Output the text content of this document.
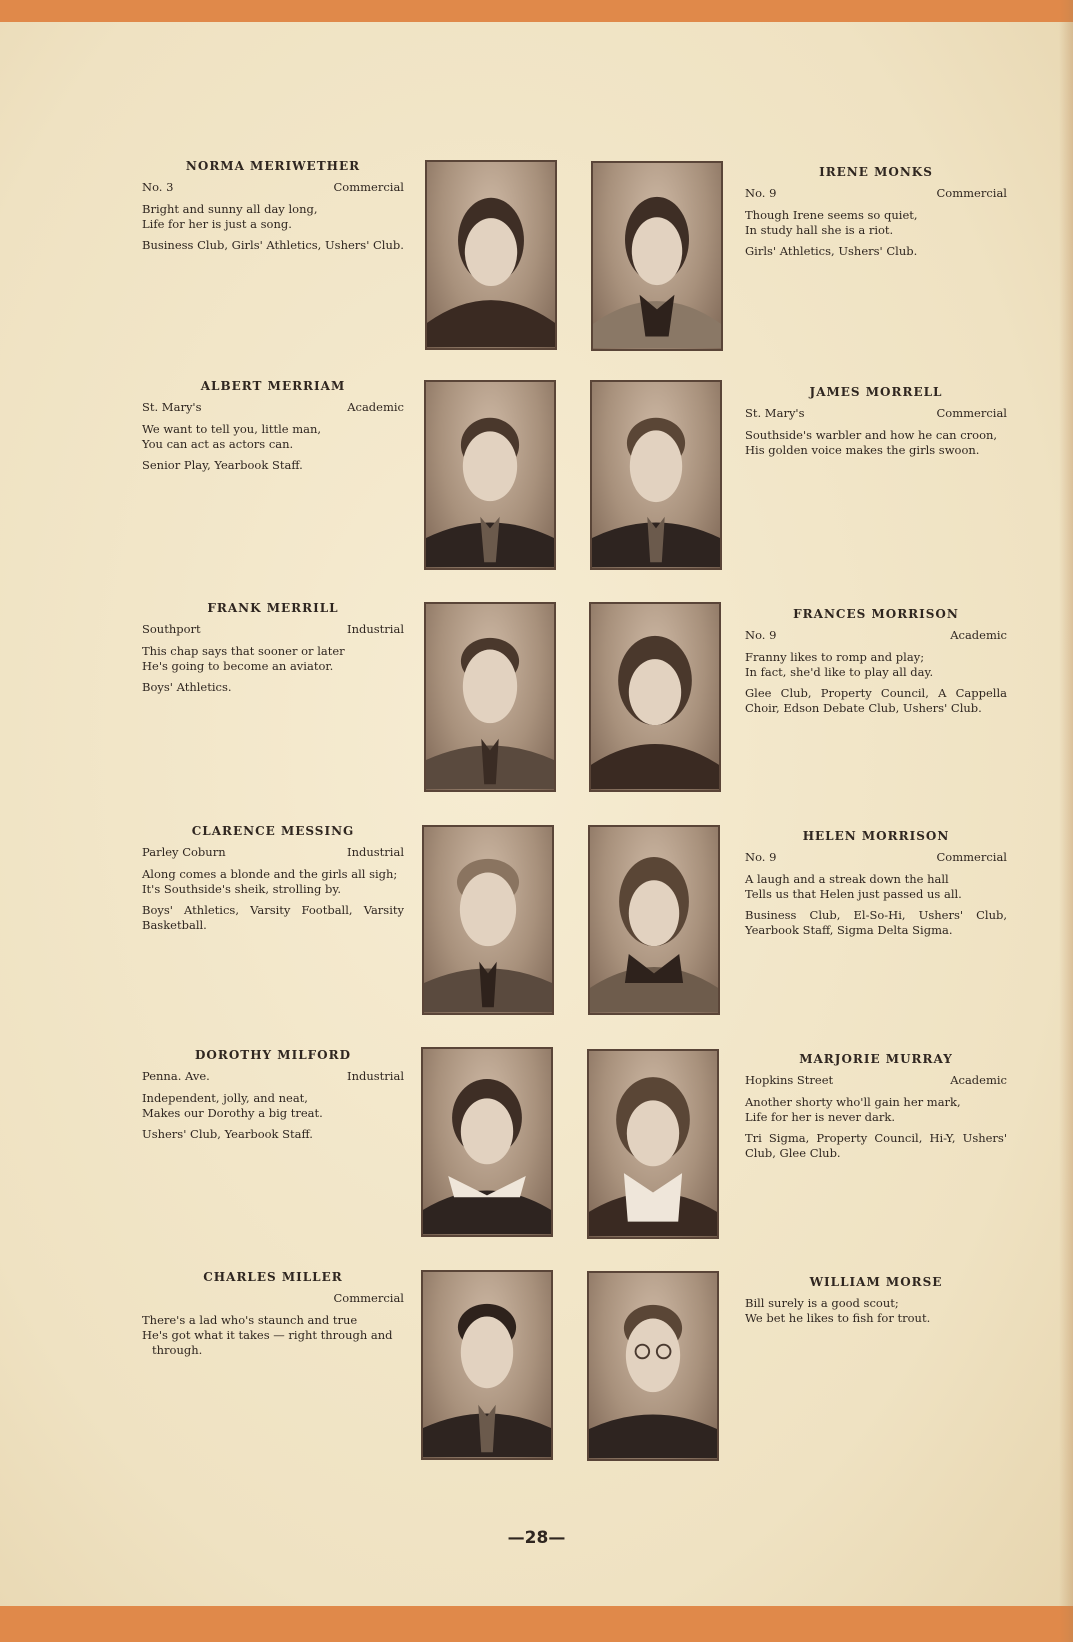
NORMA MERIWETHER
No. 3	Commercial

Bright and sunny all day long,

Life for her is just a song.

Business Club, Girls' Athletics, Ushers' Club.
IRENE MONKS
No. 9	Commercial

Though Irene seems so quiet,

In study hall she is a riot.

Girls' Athletics, Ushers' Club.
ALBERT MERRIAM
St. Mary's	Academic

We want to tell you, little man,

You can act as actors can.

Senior Play, Yearbook Staff.
JAMES MORRELL
St. Mary's	Commercial

Southside's warbler and how he can croon,

His golden voice makes the girls swoon.

FRANK MERRILL
Southport	Industrial

This chap says that sooner or later

He's going to become an aviator.

Boys' Athletics.
FRANCES MORRISON
No. 9	Academic

Franny likes to romp and play;

In fact, she'd like to play all day.

Glee Club, Property Council, A Cappella Choir, Edson Debate Club, Ushers' Club.
CLARENCE MESSING
Parley Coburn	Industrial

Along comes a blonde and the girls all sigh;

It's Southside's sheik, strolling by.

Boys' Athletics, Varsity Football, Varsity Basketball.
HELEN MORRISON
No. 9	Commercial

A laugh and a streak down the hall

Tells us that Helen just passed us all.

Business Club, El-So-Hi, Ushers' Club, Yearbook Staff, Sigma Delta Sigma.
DOROTHY MILFORD
Penna. Ave.	Industrial

Independent, jolly, and neat,

Makes our Dorothy a big treat.

Ushers' Club, Yearbook Staff.
MARJORIE MURRAY
Hopkins Street	Academic

Another shorty who'll gain her mark,

Life for her is never dark.

Tri Sigma, Property Council, Hi-Y, Ushers' Club, Glee Club.
CHARLES MILLER
Commercial

There's a lad who's staunch and true

He's got what it takes — right through and through.

WILLIAM MORSE

Bill surely is a good scout;

We bet he likes to fish for trout.

—28—
